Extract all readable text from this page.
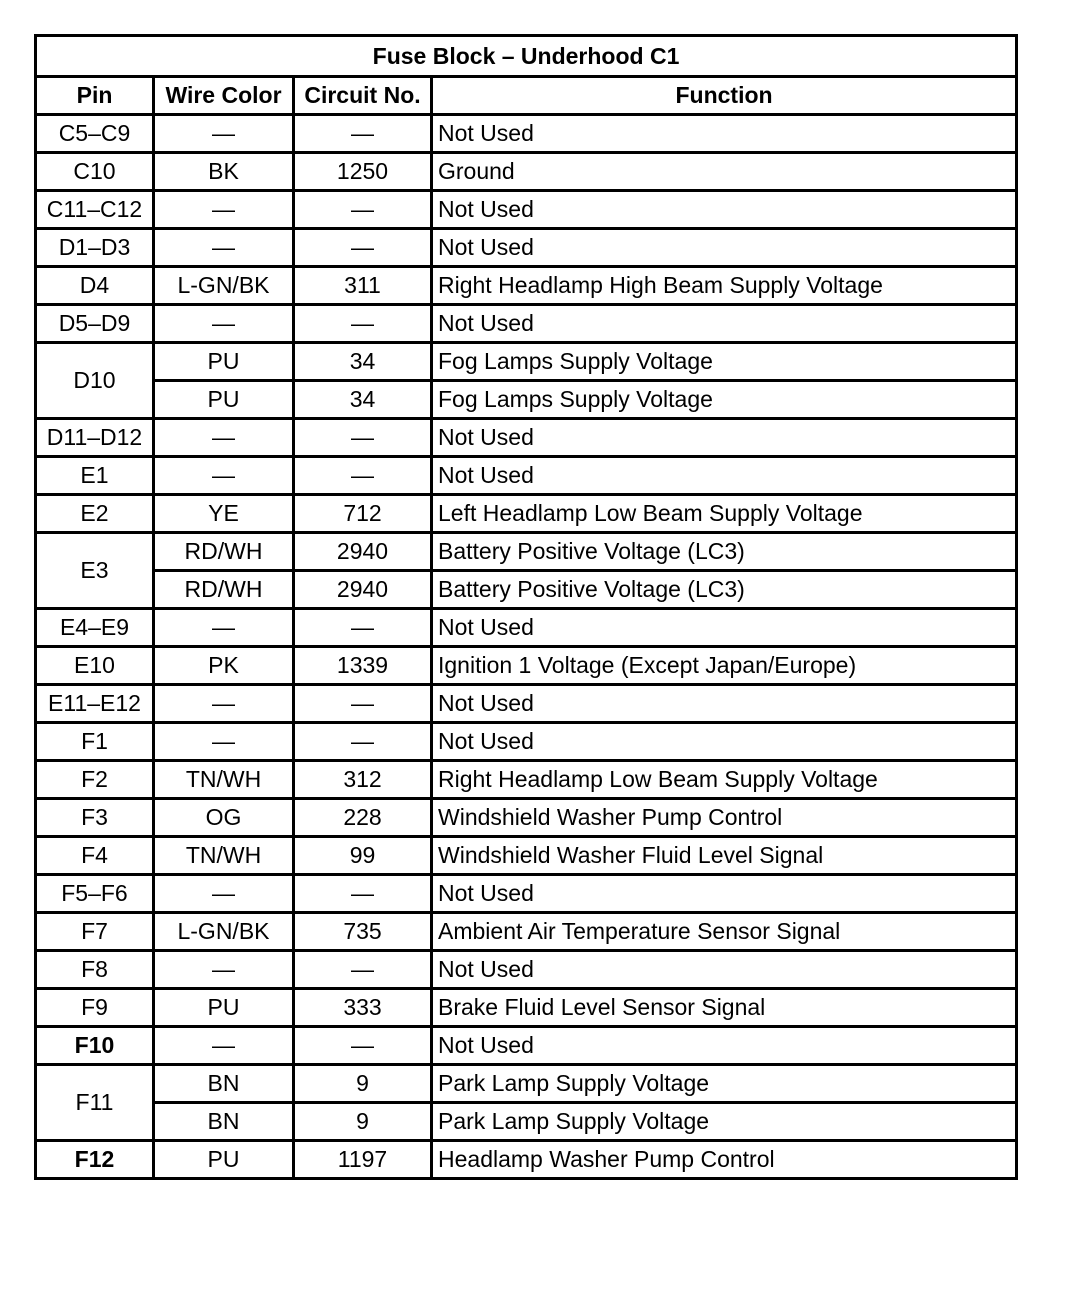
Fuse Block – Underhood C1			
Pin	Wire Color	Circuit No.	Function
C5–C9	—	—	Not Used
C10	BK	1250	Ground
C11–C12	—	—	Not Used
D1–D3	—	—	Not Used
D4	L-GN/BK	311	Right Headlamp High Beam Supply Voltage
D5–D9	—	—	Not Used
D10	PU	34	Fog Lamps Supply Voltage
	PU	34	Fog Lamps Supply Voltage
D11–D12	—	—	Not Used
E1	—	—	Not Used
E2	YE	712	Left Headlamp Low Beam Supply Voltage
E3	RD/WH	2940	Battery Positive Voltage (LC3)
	RD/WH	2940	Battery Positive Voltage (LC3)
E4–E9	—	—	Not Used
E10	PK	1339	Ignition 1 Voltage (Except Japan/Europe)
E11–E12	—	—	Not Used
F1	—	—	Not Used
F2	TN/WH	312	Right Headlamp Low Beam Supply Voltage
F3	OG	228	Windshield Washer Pump Control
F4	TN/WH	99	Windshield Washer Fluid Level Signal
F5–F6	—	—	Not Used
F7	L-GN/BK	735	Ambient Air Temperature Sensor Signal
F8	—	—	Not Used
F9	PU	333	Brake Fluid Level Sensor Signal
F10	—	—	Not Used
F11	BN	9	Park Lamp Supply Voltage
	BN	9	Park Lamp Supply Voltage
F12	PU	1197	Headlamp Washer Pump Control
